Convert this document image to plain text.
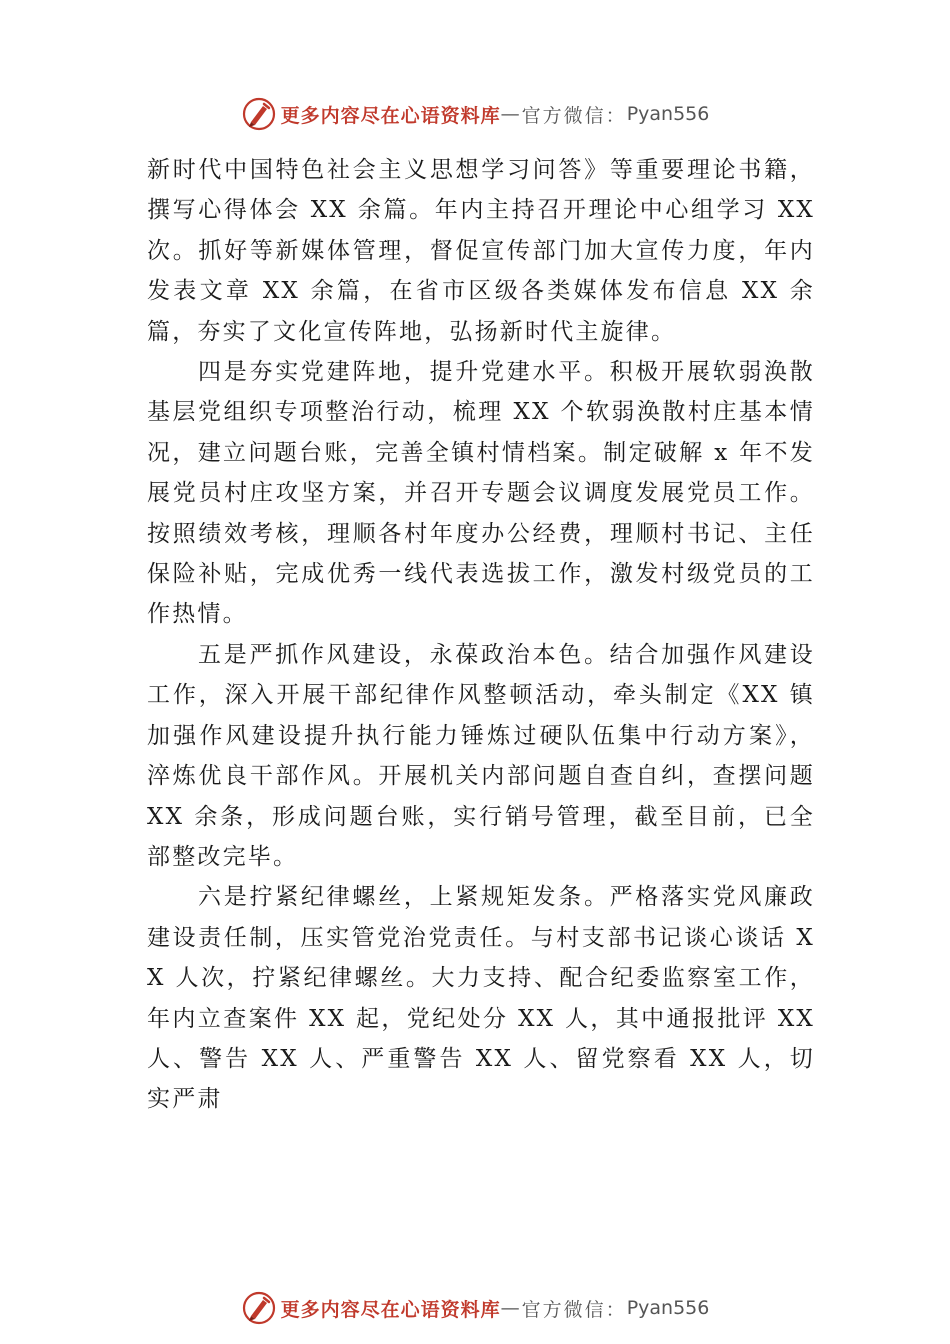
更多内容尽在心语资料库 — 官方微信： Pyan556

新时代中国特色社会主义思想学习问答》等重要理论书籍， 撰写心得体会 XX 余篇。年内主持召开理论中心组学习 XX 次。抓好等新媒体管理，督促宣传部门加大宣传力度，年内发表文章 XX 余篇，在省市区级各类媒体发布信息 XX 余篇，夯实了文化宣传阵地，弘扬新时代主旋律。

四是夯实党建阵地，提升党建水平。积极开展软弱涣散基层党组织专项整治行动，梳理 XX 个软弱涣散村庄基本情况，建立问题台账，完善全镇村情档案。制定破解 x 年不发展党员村庄攻坚方案，并召开专题会议调度发展党员工作。 按照绩效考核，理顺各村年度办公经费，理顺村书记、主任保险补贴，完成优秀一线代表选拔工作，激发村级党员的工作热情。

五是严抓作风建设，永葆政治本色。结合加强作风建设工作，深入开展干部纪律作风整顿活动，牵头制定《XX 镇加强作风建设提升执行能力锤炼过硬队伍集中行动方案》， 淬炼优良干部作风。开展机关内部问题自查自纠，查摆问题 XX 余条，形成问题台账，实行销号管理，截至目前，已全部整改完毕。

六是拧紧纪律螺丝，上紧规矩发条。严格落实党风廉政建设责任制，压实管党治党责任。与村支部书记谈心谈话 XX 人次，拧紧纪律螺丝。大力支持、配合纪委监察室工作，年内立查案件 XX 起，党纪处分 XX 人，其中通报批评 XX 人、警告 XX 人、严重警告 XX 人、留党察看 XX 人，切实严肃

更多内容尽在心语资料库 — 官方微信： Pyan556
